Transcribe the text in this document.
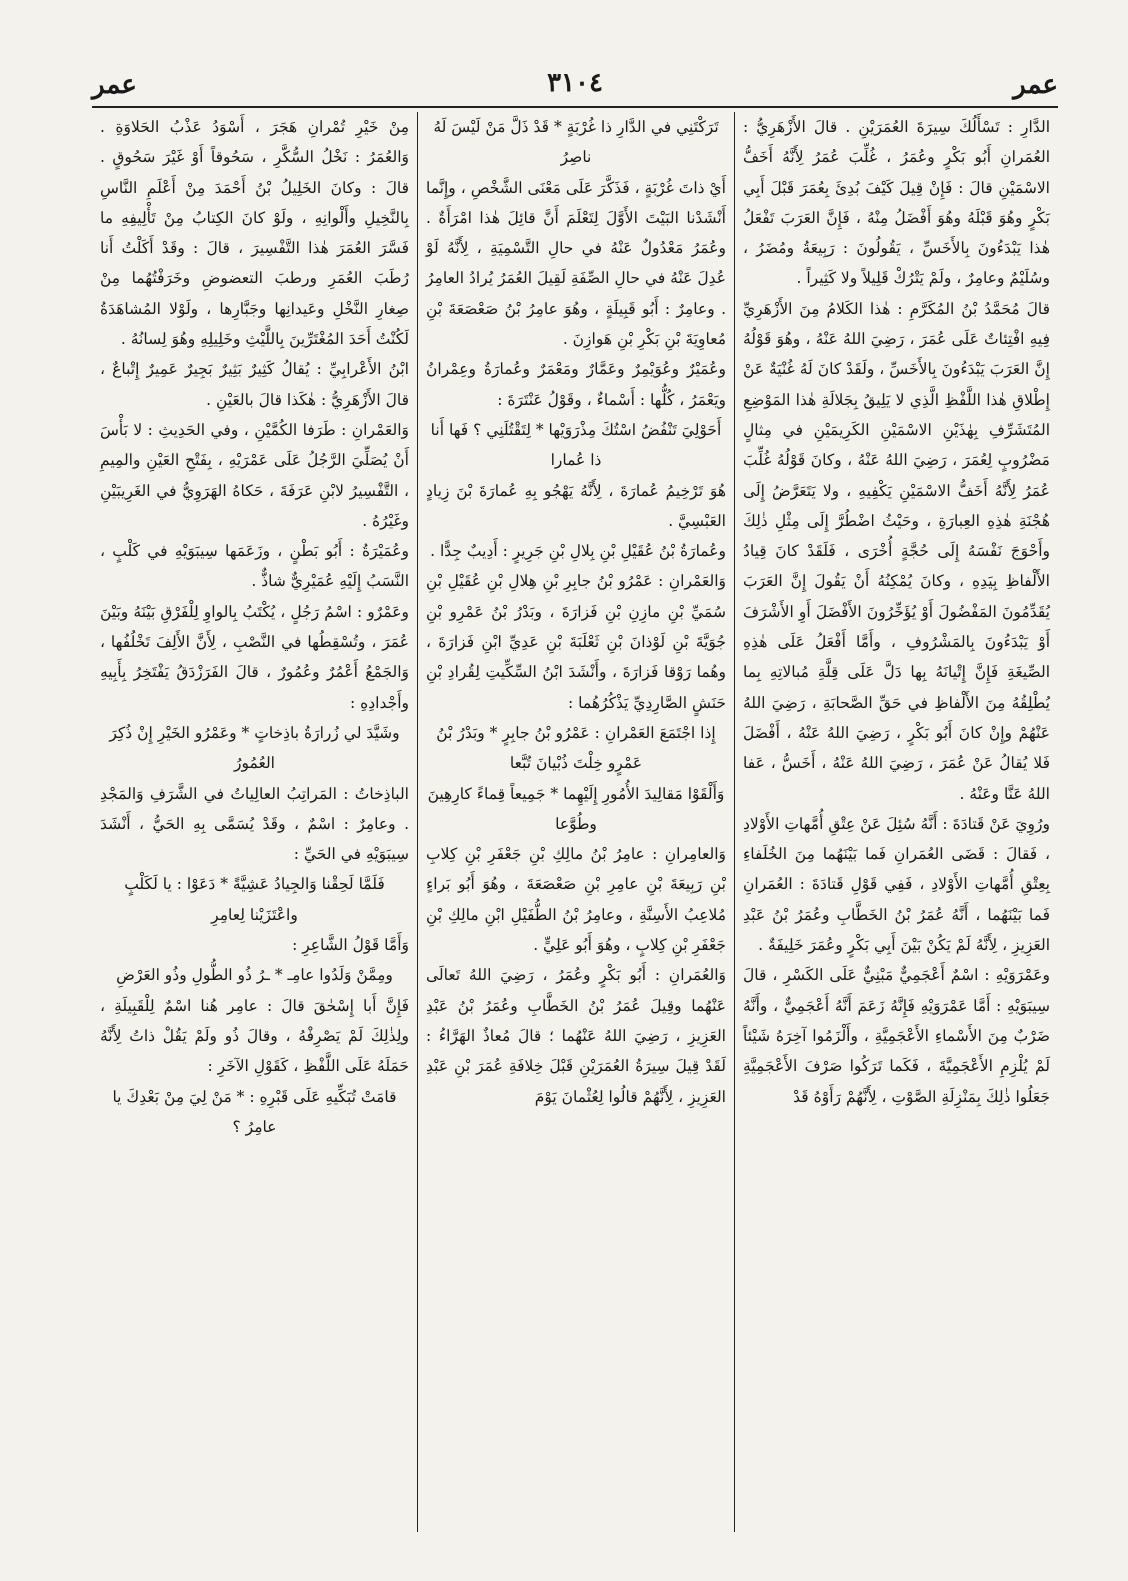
عمر
٣١٠٤
عمر

مِنْ خَيْرِ تُمْرانِ هَجَرَ ، أَسْوَدُ عَذْبُ الحَلاوَةِ . وَالعُمَرُ : نَخْلُ السُّكَّرِ ، سَحُوقاً أَوْ غَيْرَ سَحُوقٍ . قالَ : وكانَ الخَلِيلُ بْنُ أَحْمَدَ مِنْ أَعْلَمِ النَّاسِ بِالنَّخِيلِ وأَلْوانِهِ ، ولَوْ كانَ الكِتابُ مِنْ تَأْلِيفِهِ ما فَسَّرَ العُمَرَ هٰذا التَّفْسِيرَ ، قالَ : وقَدْ أَكَلْتُ أَنا رُطَبَ العُمَرِ ورطبَ التعضوضِ وخَرَفْتُهُما مِنْ صِغارِ النَّخْلِ وعَيدانِها وجَبَّارِها ، ولَوْلا المُشاهَدَةُ لَكُنْتُ أَحَدَ المُغْتَرِّينَ بِاللَّيْثِ وخَلِيلِهِ وهُوَ لِسانُهُ .

ابْنُ الأَعْرابِيِّ : يُقالُ كَثِيرٌ بَثِيرٌ بَجِيرٌ عَمِيرٌ إِتْباعٌ ، قالَ الأَزْهَرِيُّ : هٰكَذا قالَ بالعَيْنِ .

وَالعَمْرانِ : طَرَفا الكُمَّيْنِ ، وفي الحَدِيثِ : لا بَأْسَ أَنْ يُصَلِّيَ الرَّجُلُ عَلَى عَمْرَيْهِ ، بِفَتْحِ العَيْنِ والمِيمِ ، التَّفْسِيرُ لابْنِ عَرَفَةَ ، حَكاهُ الهَرَوِيُّ في الغَرِيبَيْنِ وغَيْرُهُ .

وعُمَيْرَةُ : أَبُو بَطْنٍ ، وزَعَمَها سِيبَوَيْهِ في كَلْبٍ ، النَّسَبُ إِلَيْهِ عُمَيْرِيٌّ شاذٌّ .

وعَمْرٌو : اسْمُ رَجُلٍ ، يُكْتَبُ بِالواوِ لِلْفَرْقِ بَيْنَهُ وبَيْنَ عُمَرَ ، وتُسْقِطُها في النَّصْبِ ، لِأَنَّ الأَلِفَ تَخْلُفُها ، وَالجَمْعُ أَعْمُرٌ وعُمُورٌ ، قالَ الفَرَزْدَقُ يَفْتَخِرُ بِأَبِيهِ وأَجْدادِهِ :

وشَيَّدَ لي زُرارَةُ باذِخاتٍ * وعَمْرُو الخَيْرِ إِنْ ذُكِرَ العُمُورُ

الباذِخاتُ : المَراتِبُ العالِياتُ في الشَّرَفِ وَالمَجْدِ . وعامِرٌ : اسْمٌ ، وقَدْ يُسَمَّى بِهِ الحَيُّ ، أَنْشَدَ سِيبَوَيْهِ في الحَيِّ :

فَلَمَّا لَحِقْنا وَالجِيادُ عَشِيَّةً * دَعَوْا : يا لَكَلْبٍ واعْتَزَيْنا لِعامِرِ

وَأَمَّا قَوْلُ الشَّاعِرِ :

ومِمَّنْ وَلَدُوا عامِـ * ـرُ ذُو الطُّولِ وذُو العَرْضِ

فَإِنَّ أَبا إِسْحٰقَ قالَ : عامِر هُنا اسْمٌ لِلْقَبِيلَةِ ، ولِذٰلِكَ لَمْ يَصْرِفْهُ ، وقالَ ذُو ولَمْ يَقُلْ ذاتُ لِأَنَّهُ حَمَلَهُ عَلَى اللَّفْظِ ، كَقَوْلِ الآخَرِ :

قامَتْ تُبَكِّيهِ عَلَى قَبْرِهِ : * مَنْ لِيَ مِنْ بَعْدِكَ يا عامِرُ ؟

تَرَكْتَنِي في الدَّارِ ذا غُرْبَةٍ * قَدْ ذَلَّ مَنْ لَيْسَ لَهُ ناصِرُ

أَيْ ذاتَ غُرْبَةٍ ، فَذَكَّرَ عَلَى مَعْنَى الشَّخْصِ ، وإِنَّما أَنْشَدْنا البَيْتَ الأَوَّلَ لِتَعْلَمَ أَنَّ قائِلَ هٰذا امْرَأَةٌ . وعُمَرُ مَعْدُولٌ عَنْهُ في حالِ التَّسْمِيَةِ ، لِأَنَّهُ لَوْ عُدِلَ عَنْهُ في حالِ الصِّفَةِ لَقِيلَ العُمَرُ يُرادُ العامِرُ . وعامِرٌ : أَبُو قَبِيلَةٍ ، وهُوَ عامِرُ بْنُ صَعْصَعَةَ بْنِ مُعاوِيَةَ بْنِ بَكْرِ بْنِ هَوازِنَ .

وعُمَيْرٌ وعُوَيْمِرٌ وعَمَّارٌ ومَعْمَرٌ وعُمارَةُ وعِمْرانُ ويَعْمَرُ ، كُلُّها : أَسْماءٌ ، وقَوْلُ عَنْتَرَةَ :

أَحَوْلِيَ تَنْفُضُ اسْتُكَ مِذْرَوَيْها * لِتَقْتُلَنِي ؟ فَها أَنا ذا عُمارا

هُوَ تَرْخِيمُ عُمارَةَ ، لِأَنَّهُ يَهْجُو بِهِ عُمارَةَ بْنَ زِيادٍ العَبْسِيَّ .

وعُمارَةُ بْنُ عُقَيْلِ بْنِ بِلالِ بْنِ جَرِيرٍ : أَدِيبٌ جِدًّا .

وَالعَمْرانِ : عَمْرُو بْنُ جابِرِ بْنِ هِلالِ بْنِ عُقَيْلِ بْنِ سُمَيِّ بْنِ مازِنِ بْنِ فَزارَةَ ، وبَدْرُ بْنُ عَمْرِو بْنِ جُوَيَّةَ بْنِ لَوْذانَ بْنِ ثَعْلَبَةَ بْنِ عَدِيِّ ابْنِ فَزارَةَ ، وهُما رَوْقا فَزارَةَ ، وأَنْشَدَ ابْنُ السِّكِّيتِ لِقُرادِ بْنِ حَنَشٍ الصَّارِدِيِّ يَذْكُرُهُما :

إِذا اجْتَمَعَ العَمْرانِ : عَمْرُو بْنُ جابِرٍ * وبَدْرُ بْنُ عَمْرٍو خِلْتَ ذُبْيانَ تُبَّعا

وَأَلْقَوْا مَقالِيدَ الأُمُورِ إِلَيْهِما * جَمِيعاً قِماءً كارِهِينَ وطُوَّعا

وَالعامِرانِ : عامِرُ بْنُ مالِكِ بْنِ جَعْفَرِ بْنِ كِلابِ بْنِ رَبِيعَةَ بْنِ عامِرِ بْنِ صَعْصَعَةَ ، وهُوَ أَبُو بَراءٍ مُلاعِبُ الأَسِنَّةِ ، وعامِرُ بْنُ الطُّفَيْلِ ابْنِ مالِكِ بْنِ جَعْفَرِ بْنِ كِلابٍ ، وهُوَ أَبُو عَلِيٍّ .

وَالعُمَرانِ : أَبُو بَكْرٍ وعُمَرُ ، رَضِيَ اللهُ تَعالَى عَنْهُما وقِيلَ عُمَرُ بْنُ الخَطَّابِ وعُمَرُ بْنُ عَبْدِ العَزِيزِ ، رَضِيَ اللهُ عَنْهُما ؛ قالَ مُعاذٌ الهَرَّاءُ : لَقَدْ قِيلَ سِيرَةُ العُمَرَيْنِ قَبْلَ خِلافَةِ عُمَرَ بْنِ عَبْدِ العَزِيزِ ، لِأَنَّهُمْ قالُوا لِعُثْمانَ يَوْمَ

الدَّارِ : تَسْأَلُكَ سِيرَةَ العُمَرَيْنِ . قالَ الأَزْهَرِيُّ : العُمَرانِ أَبُو بَكْرٍ وعُمَرُ ، غُلِّبَ عُمَرُ لِأَنَّهُ أَخَفُّ الاسْمَيْنِ قالَ : فَإِنْ قِيلَ كَيْفَ بُدِئَ بِعُمَرَ قَبْلَ أَبِي بَكْرٍ وهُوَ قَبْلَهُ وهُوَ أَفْضَلُ مِنْهُ ، فَإِنَّ العَرَبَ تَفْعَلُ هٰذا يَبْدَءُونَ بِالأَخَسِّ ، يَقُولُونَ : رَبِيعَةُ ومُضَرُ ، وسُلَيْمٌ وعامِرٌ ، ولَمْ يَتْرُكْ قَلِيلاً ولا كَثِيراً .

قالَ مُحَمَّدُ بْنُ المُكَرَّمِ : هٰذا الكَلامُ مِنَ الأَزْهَرِيِّ فِيهِ افْتِئاتٌ عَلَى عُمَرَ ، رَضِيَ اللهُ عَنْهُ ، وهُوَ قَوْلُهُ إِنَّ العَرَبَ يَبْدَءُونَ بِالأَخَسِّ ، ولَقَدْ كانَ لَهُ غُنْيَةٌ عَنْ إِطْلاقِ هٰذا اللَّفْظِ الَّذِي لا يَلِيقُ بِجَلالَةِ هٰذا المَوْضِعِ المُتَشَرِّفِ بِهٰذَيْنِ الاسْمَيْنِ الكَرِيمَيْنِ في مِثالٍ مَضْرُوبٍ لِعُمَرَ ، رَضِيَ اللهُ عَنْهُ ، وكانَ قَوْلُهُ غُلِّبَ عُمَرُ لِأَنَّهُ أَخَفُّ الاسْمَيْنِ يَكْفِيهِ ، ولا يَتَعَرَّضُ إِلَى هُجْنَةِ هٰذِهِ العِبارَةِ ، وحَيْثُ اضْطُرَّ إِلَى مِثْلِ ذٰلِكَ وأَحْوَجَ نَفْسَهُ إِلَى حُجَّةٍ أُخْرَى ، فَلَقَدْ كانَ قِيادُ الأَلْفاظِ بِيَدِهِ ، وكانَ يُمْكِنُهُ أَنْ يَقُولَ إِنَّ العَرَبَ يُقَدِّمُونَ المَفْضُولَ أَوْ يُؤَخِّرُونَ الأَفْضَلَ أَوِ الأَشْرَفَ أَوْ يَبْدَءُونَ بِالمَشْرُوفِ ، وأَمَّا أَفْعَلُ عَلَى هٰذِهِ الصِّيغَةِ فَإِنَّ إِتْيانَهُ بِها دَلَّ عَلَى قِلَّةِ مُبالاتِهِ بِما يُطْلِقُهُ مِنَ الأَلْفاظِ في حَقِّ الصَّحابَةِ ، رَضِيَ اللهُ عَنْهُمْ وإِنْ كانَ أَبُو بَكْرٍ ، رَضِيَ اللهُ عَنْهُ ، أَفْضَلَ فَلا يُقالُ عَنْ عُمَرَ ، رَضِيَ اللهُ عَنْهُ ، أَخَسُّ ، عَفا اللهُ عَنَّا وعَنْهُ .

ورُوِيَ عَنْ قَتادَةَ : أَنَّهُ سُئِلَ عَنْ عِتْقِ أُمَّهاتِ الأَوْلادِ ، فَقالَ : قَضَى العُمَرانِ فَما بَيْنَهُما مِنَ الخُلَفاءِ بِعِتْقِ أُمَّهاتِ الأَوْلادِ ، فَفِي قَوْلِ قَتادَةَ : العُمَرانِ فَما بَيْنَهُما ، أَنَّهُ عُمَرُ بْنُ الخَطَّابِ وعُمَرُ بْنُ عَبْدِ العَزِيزِ ، لِأَنَّهُ لَمْ يَكُنْ بَيْنَ أَبِي بَكْرٍ وعُمَرَ خَلِيفَةٌ .

وعَمْرَوَيْهِ : اسْمٌ أَعْجَمِيٌّ مَبْنِيٌّ عَلَى الكَسْرِ ، قالَ سِيبَوَيْهِ : أَمَّا عَمْرَوَيْهِ فَإِنَّهُ زَعَمَ أَنَّهُ أَعْجَمِيٌّ ، وأَنَّهُ ضَرْبٌ مِنَ الأَسْماءِ الأَعْجَمِيَّةِ ، وأَلْزَمُوا آخِرَهُ شَيْئاً لَمْ يُلْزِمِ الأَعْجَمِيَّةَ ، فَكَما تَرَكُوا صَرْفَ الأَعْجَمِيَّةِ جَعَلُوا ذٰلِكَ بِمَنْزِلَةِ الصَّوْتِ ، لِأَنَّهُمْ رَأَوْهُ قَدْ
